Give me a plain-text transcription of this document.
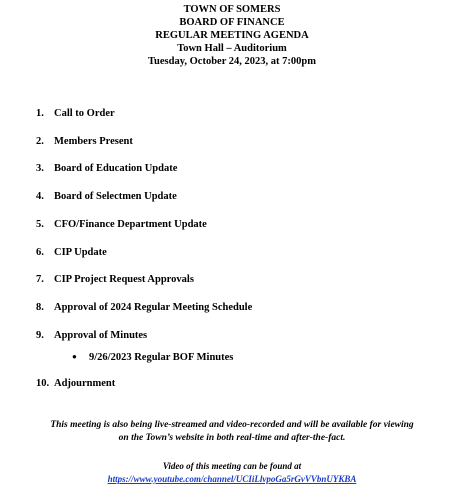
TOWN OF SOMERS
BOARD OF FINANCE
REGULAR MEETING AGENDA
Town Hall – Auditorium
Tuesday, October 24, 2023, at 7:00pm
1. Call to Order
2. Members Present
3. Board of Education Update
4. Board of Selectmen Update
5. CFO/Finance Department Update
6. CIP Update
7. CIP Project Request Approvals
8. Approval of 2024 Regular Meeting Schedule
9. Approval of Minutes
● 9/26/2023 Regular BOF Minutes
10. Adjournment
This meeting is also being live-streamed and video-recorded and will be available for viewing
on the Town’s website in both real-time and after-the-fact.
Video of this meeting can be found at
https://www.youtube.com/channel/UCIiLlvpoGa5rGvVVbnUYKBA
